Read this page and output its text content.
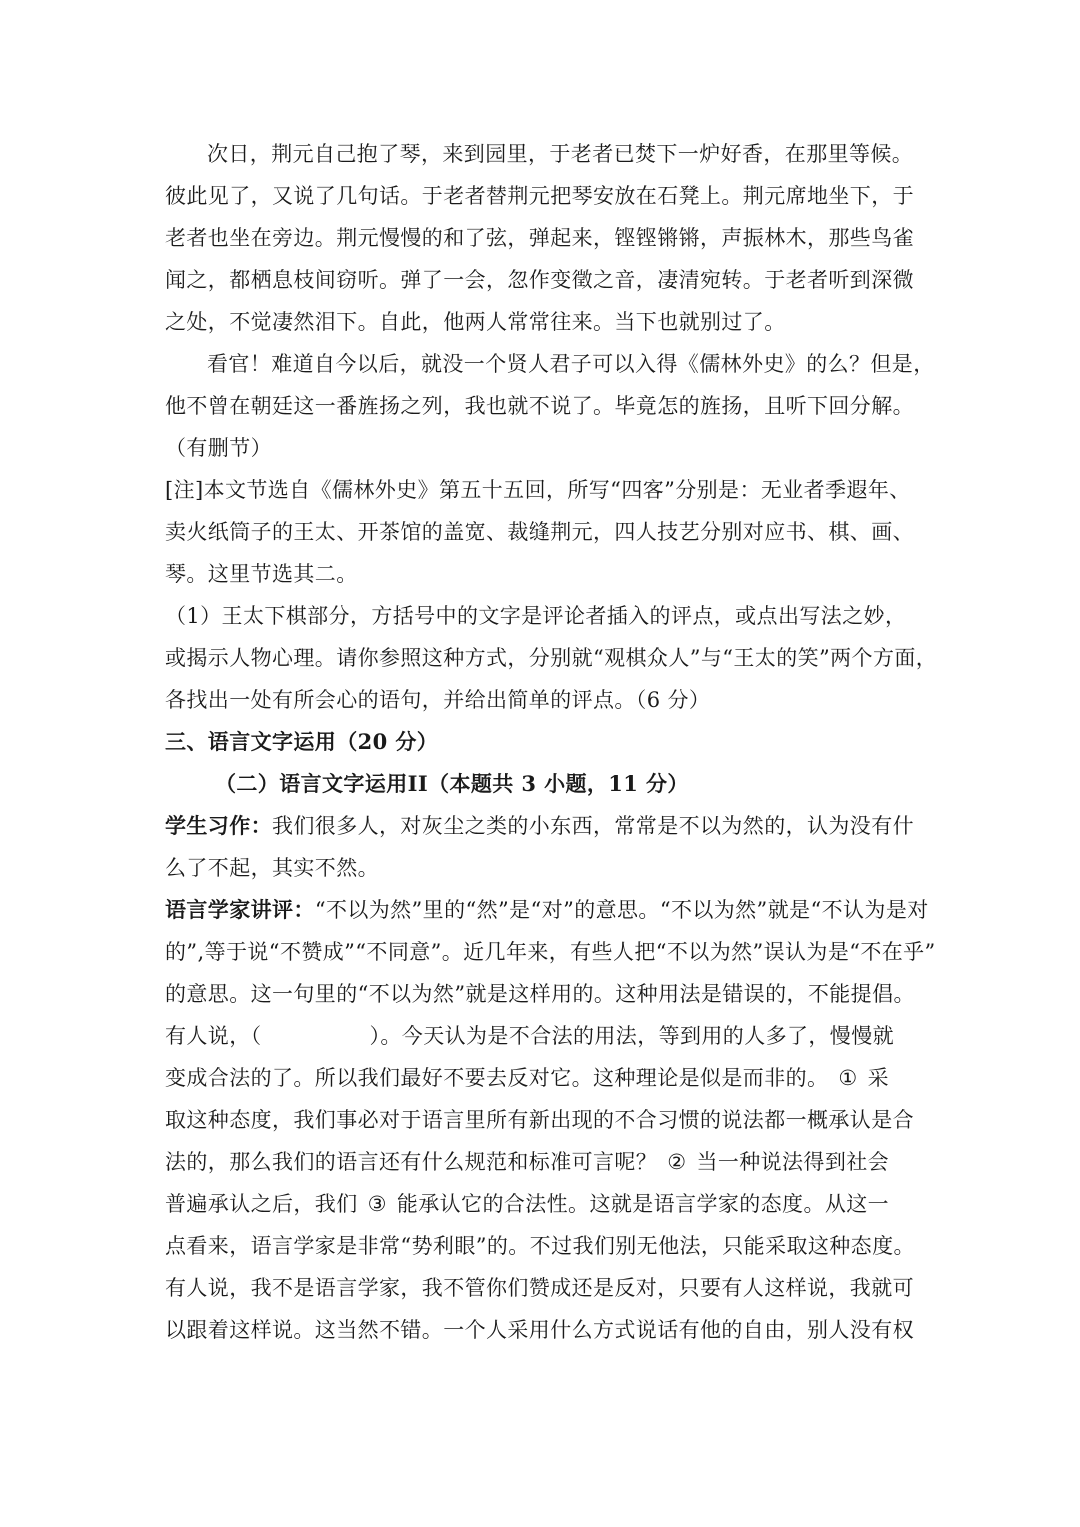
次日，荆元自己抱了琴，来到园里，于老者已焚下一炉好香，在那里等候。
彼此见了，又说了几句话。于老者替荆元把琴安放在石凳上。荆元席地坐下，于
老者也坐在旁边。荆元慢慢的和了弦，弹起来，铿铿锵锵，声振林木，那些鸟雀
闻之，都栖息枝间窃听。弹了一会，忽作变徵之音，凄清宛转。于老者听到深微
之处，不觉凄然泪下。自此，他两人常常往来。当下也就别过了。
看官！难道自今以后，就没一个贤人君子可以入得《儒林外史》的么？但是，
他不曾在朝廷这一番旌扬之列，我也就不说了。毕竟怎的旌扬，且听下回分解。
（有删节）
[注]本文节选自《儒林外史》第五十五回，所写“四客”分别是：无业者季遐年、
卖火纸筒子的王太、开茶馆的盖宽、裁缝荆元，四人技艺分别对应书、棋、画、
琴。这里节选其二。
（1）王太下棋部分，方括号中的文字是评论者插入的评点，或点出写法之妙，
或揭示人物心理。请你参照这种方式，分别就“观棋众人”与“王太的笑”两个方面，
各找出一处有所会心的语句，并给出简单的评点。（6 分）
三、语言文字运用（20 分）
（二）语言文字运用II（本题共 3 小题，11 分）
学生习作：我们很多人，对灰尘之类的小东西，常常是不以为然的，认为没有什
么了不起，其实不然。
语言学家讲评：“不以为然”里的“然”是“对”的意思。“不以为然”就是“不认为是对
的”,等于说“不赞成”“不同意”。近几年来，有些人把“不以为然”误认为是“不在乎”
的意思。这一句里的“不以为然”就是这样用的。这种用法是错误的，不能提倡。
有人说，（	）。今天认为是不合法的用法，等到用的人多了，慢慢就
变成合法的了。所以我们最好不要去反对它。这种理论是似是而非的。 ① 采
取这种态度，我们事必对于语言里所有新出现的不合习惯的说法都一概承认是合
法的，那么我们的语言还有什么规范和标准可言呢？ ② 当一种说法得到社会
普遍承认之后，我们 ③ 能承认它的合法性。这就是语言学家的态度。从这一
点看来，语言学家是非常“势利眼”的。不过我们别无他法，只能采取这种态度。
有人说，我不是语言学家，我不管你们赞成还是反对，只要有人这样说，我就可
以跟着这样说。这当然不错。一个人采用什么方式说话有他的自由，别人没有权
